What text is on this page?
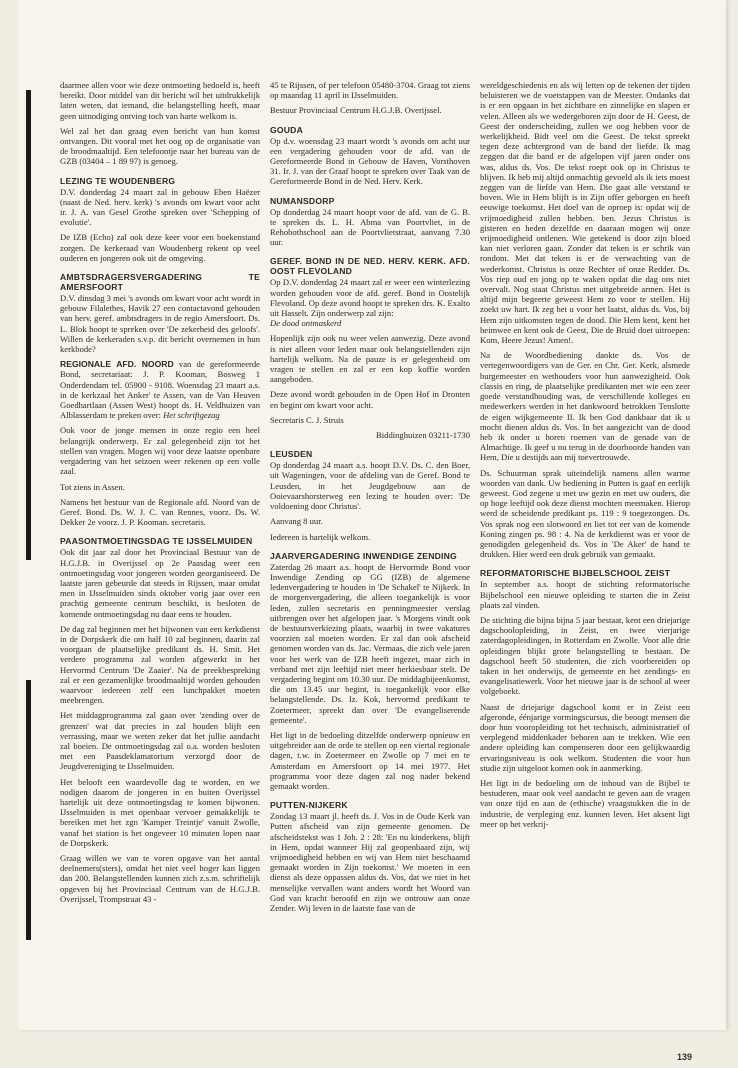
daarmee allen voor wie deze ontmoeting bedoeld is, heeft bereikt. Door middel van dit bericht wil het uitdrukkelijk laten weten, dat iemand, die belangstelling heeft, maar geen uitnodiging ontving toch van harte welkom is.

Wel zal het dan graag even bericht van hun komst ontvangen. Dit vooral met het oog op de organisatie van de broodmaaltijd. Een telefoontje naar het bureau van de GZB (03404 – 1 89 97) is genoeg.

LEZING TE WOUDENBERG

D.V. donderdag 24 maart zal in gebouw Eben Haëzer (naast de Ned. herv. kerk) 's avonds om kwart voor acht ir. J. A. van Gesel Grothe spreken over 'Schepping of evolutie'.

De IZB (Echo) zal ook deze keer voor een boekenstand zorgen. De kerkeraad van Woudenberg rekent op veel ouderen en jongeren ook uit de omgeving.

AMBTSDRAGERSVERGADERING TE AMERSFOORT

D.V. dinsdag 3 mei 's avonds om kwart voor acht wordt in gebouw Filalethes, Havik 27 een contactavond gehouden van herv. geref. ambtsdragers in de regio Amersfoort. Ds. L. Blok hoopt te spreken over 'De zekerheid des geloofs'. Willen de kerkeraden s.v.p. dit bericht overnemen in hun kerkbode?

REGIONALE AFD. NOORD van de gereformeerde Bond, secretariaat: J. P. Kooman, Bosweg 1 Onderdendam tel. 05900 - 9108. Woensdag 23 maart a.s. in de kerkzaal het Anker' te Assen, van de Van Heuven Goedhartlaan (Assen West) hoopt ds. H. Veldhuizen van Alblasserdam te preken over: Het schriftgezag

Ook voor de jonge mensen in onze regio een heel belangrijk onderwerp. Er zal gelegenheid zijn tot het stellen van vragen. Mogen wij voor deze laatste openbare vergadering van het seizoen weer rekenen op een volle zaal.

Tot ziens in Assen.

Namens het bestuur van de Regionale afd. Noord van de Geref. Bond. Ds. W. J. C. van Rennes, voorz. Ds. W. Dekker 2e voorz. J. P. Kooman. secretaris.

PAASONTMOETINGSDAG TE IJSSELMUIDEN

Ook dit jaar zal door het Provinciaal Bestuur van de H.G.J.B. in Overijssel op 2e Paasdag weer een ontmoetingsdag voor jongeren worden georganiseerd. De laatste jaren gebeurde dat steeds in Rijssen, maar omdat men in IJsselmuiden sinds oktober vorig jaar over een prachtig gemeente centrum beschikt, is besloten de komende ontmoetingsdag nu daar eens te houden.

De dag zal beginnen met het bijwonen van een kerkdienst in de Dorpskerk die om half 10 zal beginnen, daarin zal voorgaan de plaatselijke predikant ds. H. Smit. Het verdere programma zal worden afgewerkt in het Hervormd Centrum 'De Zaaier'. Na de preekbespreking zal er een gezamenlijke broodmaaltijd worden gehouden waarvoor iedereen zelf een lunchpakket moeten meebrengen.

Het middagprogramma zal gaan over 'zending over de grenzen' wat dat precies in zal houden blijft een verrassing, maar we weten zeker dat het jullie aandacht zal boeien. De ontmoetingsdag zal o.a. worden besloten met een Paasdeklamatorium verzorgd door de Jeugdvereniging te IJsselmuiden.

Het belooft een waardevolle dag te worden, en we nodigen daarom de jongeren in en buiten Overijssel hartelijk uit deze ontmoetingsdag te komen bijwonen. IJsselmuiden is met openbaar vervoer gemakkelijk te bereiken met het zgn 'Kamper Treintje' vanuit Zwolle, vanaf het station is het ongeveer 10 minuten lopen naar de Dorpskerk.

Graag willen we van te voren opgave van het aantal deelnemers(sters), omdat het niet veel hoger kan liggen dan 200. Belangstellenden kunnen zich z.s.m. schriftelijk opgeven bij het Provinciaal Centrum van de H.G.J.B. Overijssel, Trompstraat 43 -

45 te Rijssen, of per telefoon 05480-3704. Graag tot ziens op maandag 11 april in IJsselmuiden.

Bestuur Provinciaal Centrum H.G.J.B. Overijssel.

GOUDA

Op d.v. woensdag 23 maart wordt 's avonds om acht uur een vergadering gehouden voor de afd. van de Gereformeerde Bond in Gebouw de Haven, Vorsthoven 31. Ir. J. van der Graaf hoopt te spreken over Taak van de Gereformeerde Bond in de Ned. Herv. Kerk.

NUMANSDORP

Op donderdag 24 maart hoopt voor de afd. van de G. B. te spreken ds. L. H. Abma van Poortvliet, in de Rehobothschool aan de Poortvlietstraat, aanvang 7.30 uur.

GEREF. BOND IN DE NED. HERV. KERK. AFD. OOST FLEVOLAND

Op D.V. donderdag 24 maart zal er weer een winterlezing worden gehouden voor de afd. geref. Bond in Oostelijk Flevoland. Op deze avond hoopt te spreken drs. K. Exalto uit Hasselt. Zijn onderwerp zal zijn:
De dood ontmaskerd

Hopenlijk zijn ook nu weer velen aanwezig. Deze avond is niet alleen voor leden maar ook belangstellenden zijn hartelijk welkom. Na de pauze is er gelegenheid om vragen te stellen en zal er een kop koffie worden aangeboden.

Deze avond wordt gehouden in de Open Hof in Dronten en begint om kwart voor acht.

Secretaris C. J. Struis

Biddinghuizen 03211-1730

LEUSDEN

Op donderdag 24 maart a.s. hoopt D.V. Ds. C. den Boer, uit Wageningen, voor de afdeling van de Geref. Bond te Leusden, in het Jeugdgebouw aan de Ooievaarshorsterweg een lezing te houden over: 'De voldoening door Christus'.

Aanvang 8 uur.

Iedereen is hartelijk welkom.

JAARVERGADERING INWENDIGE ZENDING

Zaterdag 26 maart a.s. hoopt de Hervormde Bond voor Inwendige Zending op GG (IZB) de algemene ledenvergadering te houden in 'De Schakel' te Nijkerk. In de morgenvergadering, die alleen toegankelijk is voor leden, zullen secretaris en penningmeester verslag uitbrengen over het afgelopen jaar. 's Morgens vindt ook de bestuursverkiezing plaats, waarbij in twee vakatures voorzien zal moeten worden. Er zal dan ook afscheid genomen worden van ds. Jac. Vermaas, die zich vele jaren voor het werk van de IZB heeft ingezet, maar zich in verband met zijn leeftijd niet meer herkiesbaar stelt. De vergadering begint om 10.30 uur. De middagbijeenkomst, die om 13.45 uur begint, is toegankelijk voor elke belangstellende. Ds. Iz. Kok, hervormd predikant te Zoetermeer, spreekt dan over 'De evangeliserende gemeente'.

Het ligt in de bedoeling ditzelfde onderwerp opnieuw en uitgebreider aan de orde te stellen op een viertal regionale dagen, t.w. in Zoetermeer en Zwolle op 7 mei en te Amsterdam en Amersfoort op 14 mei 1977. Het programma voor deze dagen zal nog nader bekend gemaakt worden.

PUTTEN-NIJKERK

Zondag 13 maart jl. heeft ds. J. Vos in de Oude Kerk van Putten afscheid van zijn gemeente genomen. De afscheidstekst was 1 Joh. 2 : 28: 'En nu kinderkens, blijft in Hem, opdat wanneer Hij zal geopenbaard zijn, wij vrijmoedigheid hebben en wij van Hem niet beschaamd gemaakt worden in Zijn toekomst.' We moeten in een dienst als deze oppassen aldus ds. Vos, dat we niet in het menselijke vervallen want anders wordt het Woord van God van kracht beroofd en zijn we ontrouw aan onze Zender. Wij leven in de laatste fase van de

wereldgeschiedenis en als wij letten op de tekenen der tijden beluisteren we de voetstappen van de Meester. Ondanks dat is er een opgaan in het zichtbare en zinnelijke en slapen er velen. Alleen als we wedergeboren zijn door de H. Geest, de Geest der onderscheiding, zullen we oog hebben voor de werkelijkheid. Bidt veel om die Geest. De tekst spreekt tegen deze achtergrond van de band der liefde. Ik mag zeggen dat die band er de afgelopen vijf jaren onder ons was, aldus ds. Vos. De tekst roept ook op in Christus te blijven. Ik heb mij altijd onmachtig gevoeld als ik iets moest zeggen van de liefde van Hem. Die gaat alle verstand te boven. Wie in Hem blijft is in Zijn offer geborgen en heeft eeuwige toekomst. Het doel van de oproep is: opdat wij de vrijmoedigheid zullen hebben. ben. Jezus Christus is gisteren en heden dezelfde en daaraan mogen wij onze vrijmoedigheid ontlenen. Wie getekend is door zijn bloed kan niet verloren gaan. Zonder dat teken is er schrik van rondom. Met dat teken is er de verwachting van de wederkomst. Christus is onze Rechter of onze Redder. Ds. Vos riep oud en jong op te waken opdat die dag ons niet overvalt. Nog staat Christus met uitgebreide armen. Het is altijd mijn begeerte geweest Hem zo voor te stellen. Hij zoekt uw hart. Ik zeg het u voor het laatst, aldus ds. Vos, bij Hem zijn uitkomsten tegen de dood. Die Hem kent, kent het heimwee en kent ook de Geest, Die de Bruid doet uitroepen: Kom, Heere Jezus! Amen!.

Na de Woordbediening dankte ds. Vos de vertegenwoordigers van de Ger. en Chr. Ger. Kerk, alsmede burgemeester en wethouders voor hun aanwezigheid. Ook classis en ring, de plaatselijke predikanten met wie een zeer goede verstandhouding was, de verschillende kolleges en medewerkers werden in het dankwoord betrokken Tenslotte de eigen wijkgemeente II. Ik ben God dankbaar dat ik u mocht dienen aldus ds. Vos. In het aangezicht van de dood heb ik onder u horen roemen van de genade van de Almachtige. Ik geef u nu terug in de doorboorde handen van Hem, Die u destijds aan mij toevertrouwde.

Ds. Schuurman sprak uiteindelijk namens allen warme woorden van dank. Uw bediening in Putten is gaaf en eerlijk geweest. God zegene u met uw gezin en met uw ouders, die op hoge leeftijd ook deze dienst mochten meemaken. Hierop werd de scheidende predikant ps. 119 : 9 toegezongen. Ds. Vos sprak nog een slotwoord en liet tot eer van de komende Koning zingen ps. 98 : 4. Na de kerkdienst was er voor de genodigden gelegenheid ds. Vos in 'De Aker' de hand te drukken. Hier werd een druk gebruik van gemaakt.

REFORMATORISCHE BIJBELSCHOOL ZEIST

In september a.s. hoopt de stichting reformatorische Bijbelschool een nieuwe opleiding te starten die in Zeist plaats zal vinden.

De stichting die bijna bijna 5 jaar bestaat, kent een driejarige dagschoolopleiding, in Zeist, en twee vierjarige zaterdagopleidingen, in Rotterdam en Zwolle. Voor alle drie opleidingen blijkt grote belangstelling te bestaan. De dagschool heeft 50 studenten, die zich voorbereiden op taken in het onderwijs, de gemeente en het zendings- en evangelisatiewerk. Voor het nieuwe jaar is de school al weer volgeboekt.

Naast de driejarige dagschool komt er in Zeist een afgeronde, éénjarige vormingscursus, die beoogt mensen die door hun vooropleiding tot het technisch, administratief of verplegend middenkader behoren aan te trekken. Wie een andere opleiding kan compenseren door een gelijkwaardig ervaringsniveau is ook welkom. Studenten die voor hun studie zijn uitgeloot komen ook in aanmerking.

Het ligt in de bedoeling om de inhoud van de Bijbel te bestuderen, maar ook veel aandacht te geven aan de vragen van onze tijd en aan de (ethische) vraagstukken die in de industrie, de verpleging enz. kunnen leven. Het aksent ligt meer op het verkrij-

139
